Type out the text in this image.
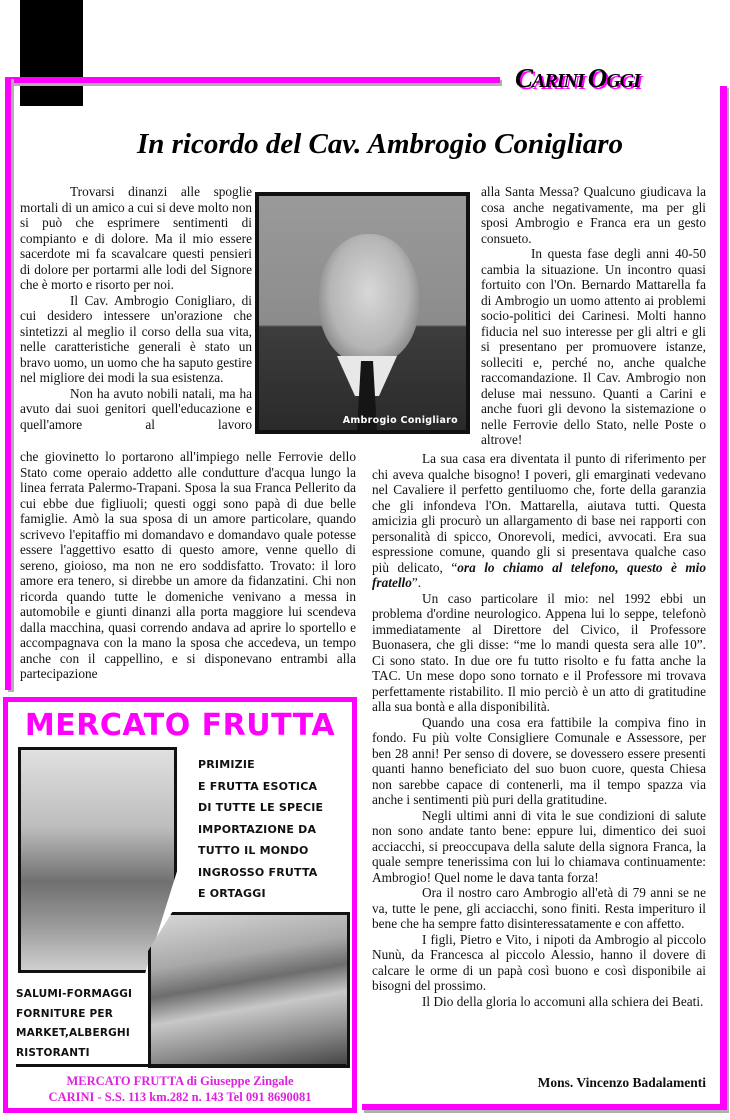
CARINI OGGI
In ricordo del Cav. Ambrogio Conigliaro

Trovarsi dinanzi alle spoglie mortali di un amico a cui si deve molto non si può che esprimere sentimenti di compianto e di dolore. Ma il mio essere sacerdote mi fa scavalcare questi pensieri di dolore per portarmi alle lodi del Signore che è morto e risorto per noi.

Il Cav. Ambrogio Conigliaro, di cui desidero intessere un'orazione che sintetizzi al meglio il corso della sua vita, nelle caratteristiche generali è stato un bravo uomo, un uomo che ha saputo gestire nel migliore dei modi la sua esistenza.

Non ha avuto nobili natali, ma ha avuto dai suoi genitori quell'educazione e quell'amore al lavoro	Ambrogio Conigliaro

che giovinetto lo portarono all'impiego nelle Ferrovie dello Stato come operaio addetto alle condutture d'acqua lungo la linea ferrata Palermo-Trapani. Sposa la sua Franca Pellerito da cui ebbe due figliuoli; questi oggi sono papà di due belle famiglie. Amò la sua sposa di un amore particolare, quando scrivevo l'epitaffio mi domandavo e domandavo quale potesse essere l'aggettivo esatto di questo amore, venne quello di sereno, gioioso, ma non ne ero soddisfatto. Trovato: il loro amore era tenero, si direbbe un amore da fidanzatini. Chi non ricorda quando tutte le domeniche venivano a messa in automobile e giunti dinanzi alla porta maggiore lui scendeva dalla macchina, quasi correndo andava ad aprire lo sportello e accompagnava con la mano la sposa che accedeva, un tempo anche con il cappellino, e si disponevano entrambi alla partecipazione

alla Santa Messa? Qualcuno giudicava la cosa anche negativamente, ma per gli sposi Ambrogio e Franca era un gesto consueto.

In questa fase degli anni 40-50 cambia la situazione. Un incontro quasi fortuito con l'On. Bernardo Mattarella fa di Ambrogio un uomo attento ai problemi socio-politici dei Carinesi. Molti hanno fiducia nel suo interesse per gli altri e gli si presentano per promuovere istanze, solleciti e, perché no, anche qualche raccomandazione. Il Cav. Ambrogio non deluse mai nessuno. Quanti a Carini e anche fuori gli devono la sistemazione o nelle Ferrovie dello Stato, nelle Poste o altrove!

La sua casa era diventata il punto di riferimento per chi aveva qualche bisogno! I poveri, gli emarginati vedevano nel Cavaliere il perfetto gentiluomo che, forte della garanzia che gli infondeva l'On. Mattarella, aiutava tutti. Questa amicizia gli procurò un allargamento di base nei rapporti con personalità di spicco, Onorevoli, medici, avvocati. Era sua espressione comune, quando gli si presentava qualche caso più delicato, “ora lo chiamo al telefono, questo è mio fratello”.

Un caso particolare il mio: nel 1992 ebbi un problema d'ordine neurologico. Appena lui lo seppe, telefonò immediatamente al Direttore del Civico, il Professore Buonasera, che gli disse: “me lo mandi questa sera alle 10”. Ci sono stato. In due ore fu tutto risolto e fu fatta anche la TAC. Un mese dopo sono tornato e il Professore mi trovava perfettamente ristabilito. Il mio perciò è un atto di gratitudine alla sua bontà e alla disponibilità.

Quando una cosa era fattibile la compiva fino in fondo. Fu più volte Consigliere Comunale e Assessore, per ben 28 anni! Per senso di dovere, se dovessero essere presenti quanti hanno beneficiato del suo buon cuore, questa Chiesa non sarebbe capace di contenerli, ma il tempo spazza via anche i sentimenti più puri della gratitudine.

Negli ultimi anni di vita le sue condizioni di salute non sono andate tanto bene: eppure lui, dimentico dei suoi acciacchi, si preoccupava della salute della signora Franca, la quale sempre tenerissima con lui lo chiamava continuamente: Ambrogio! Quel nome le dava tanta forza!

Ora il nostro caro Ambrogio all'età di 79 anni se ne va, tutte le pene, gli acciacchi, sono finiti. Resta imperituro il bene che ha sempre fatto disinteressatamente e con affetto.

I figli, Pietro e Vito, i nipoti da Ambrogio al piccolo Nunù, da Francesca al piccolo Alessio, hanno il dovere di calcare le orme di un papà così buono e così disponibile ai bisogni del prossimo.

Il Dio della gloria lo accomuni alla schiera dei Beati.

Mons. Vincenzo Badalamenti
MERCATO FRUTTA
PRIMIZIE
E FRUTTA ESOTICA
DI TUTTE LE SPECIE
IMPORTAZIONE DA
TUTTO IL MONDO
INGROSSO FRUTTA
E ORTAGGI
SALUMI-FORMAGGI
FORNITURE PER
MARKET,ALBERGHI
RISTORANTI
MERCATO FRUTTA di Giuseppe Zingale
CARINI - S.S. 113 km.282 n. 143 Tel 091 8690081
